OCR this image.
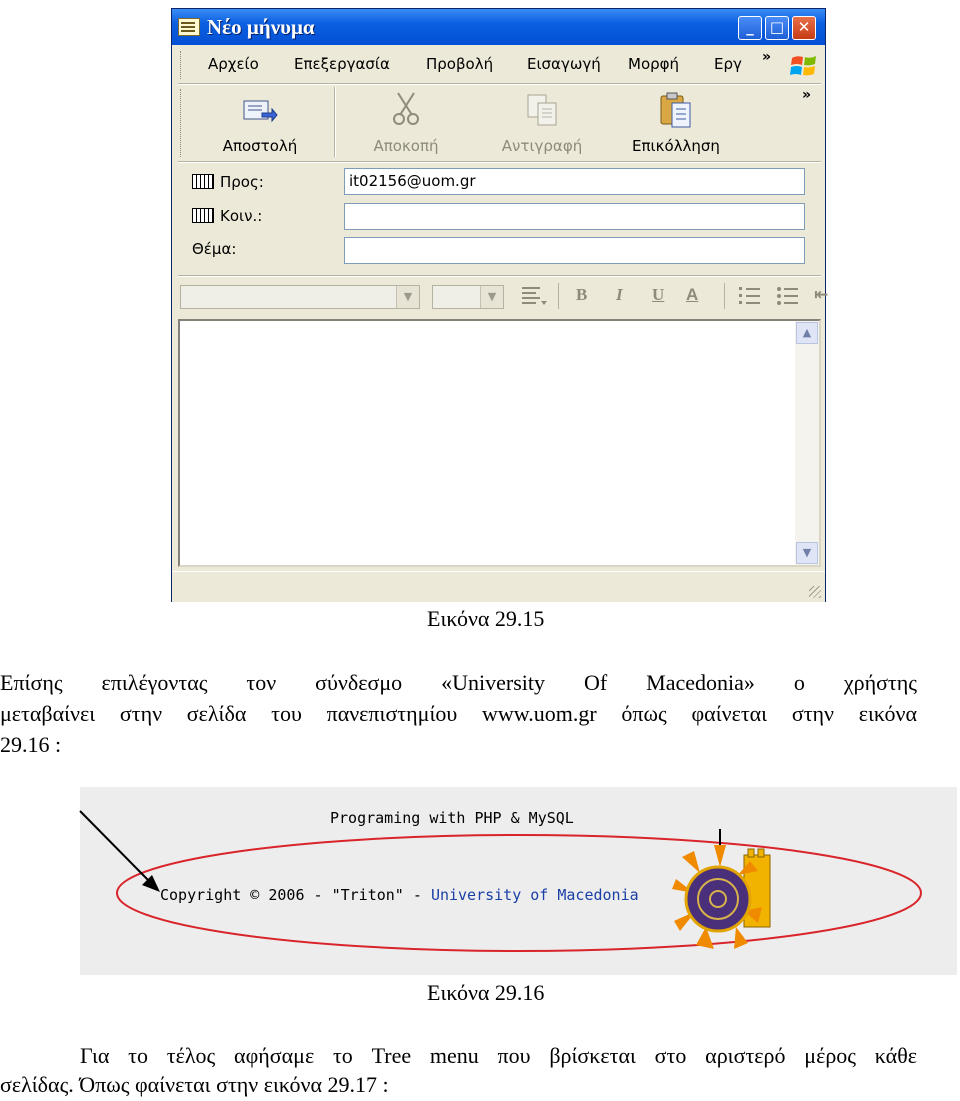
Νέο μήνυμα	_	□ ✕
Αρχείο Επεξεργασία Προβολή Εισαγωγή Μορφή Εργ »
»
Αποστολή	Αποκοπή	Αντιγραφή	Επικόλληση
Προς:	it02156@uom.gr
Κοιν.:
Θέμα:
▼	▼	B I U A	⇤
▲
▼
Εικόνα 29.15
Επίσης επιλέγοντας τον σύνδεσμο «University Of Macedonia» ο χρήστης
μεταβαίνει στην σελίδα του πανεπιστημίου www.uom.gr όπως φαίνεται στην εικόνα
29.16 :
Programing with PHP & MySQL
Copyright © 2006 - "Triton" - University of Macedonia
Εικόνα 29.16
Για το τέλος αφήσαμε το Tree menu που βρίσκεται στο αριστερό μέρος κάθε
σελίδας. Όπως φαίνεται στην εικόνα 29.17 :
